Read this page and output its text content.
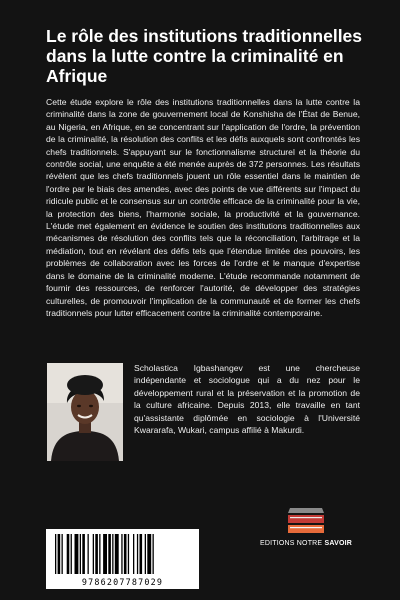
Le rôle des institutions traditionnelles dans la lutte contre la criminalité en Afrique

Cette étude explore le rôle des institutions traditionnelles dans la lutte contre la criminalité dans la zone de gouvernement local de Konshisha de l'État de Benue, au Nigeria, en Afrique, en se concentrant sur l'application de l'ordre, la prévention de la criminalité, la résolution des conflits et les défis auxquels sont confrontés les chefs traditionnels. S'appuyant sur le fonctionnalisme structurel et la théorie du contrôle social, une enquête a été menée auprès de 372 personnes. Les résultats révèlent que les chefs traditionnels jouent un rôle essentiel dans le maintien de l'ordre par le biais des amendes, avec des points de vue différents sur l'impact du ridicule public et le consensus sur un contrôle efficace de la criminalité pour la vie, la protection des biens, l'harmonie sociale, la productivité et la gouvernance. L'étude met également en évidence le soutien des institutions traditionnelles aux mécanismes de résolution des conflits tels que la réconciliation, l'arbitrage et la médiation, tout en révélant des défis tels que l'étendue limitée des pouvoirs, les problèmes de collaboration avec les forces de l'ordre et le manque d'expertise dans le domaine de la criminalité moderne. L'étude recommande notamment de fournir des ressources, de renforcer l'autorité, de développer des stratégies culturelles, de promouvoir l'implication de la communauté et de former les chefs traditionnels pour lutter efficacement contre la criminalité contemporaine.

Scholastica Igbashangev est une chercheuse indépendante et sociologue qui a du nez pour le développement rural et la préservation et la promotion de la culture africaine. Depuis 2013, elle travaille en tant qu'assistante diplômée en sociologie à l'Université Kwararafa, Wukari, campus affilié à Makurdi.

EDITIONS NOTRE SAVOIR
9786207787029
